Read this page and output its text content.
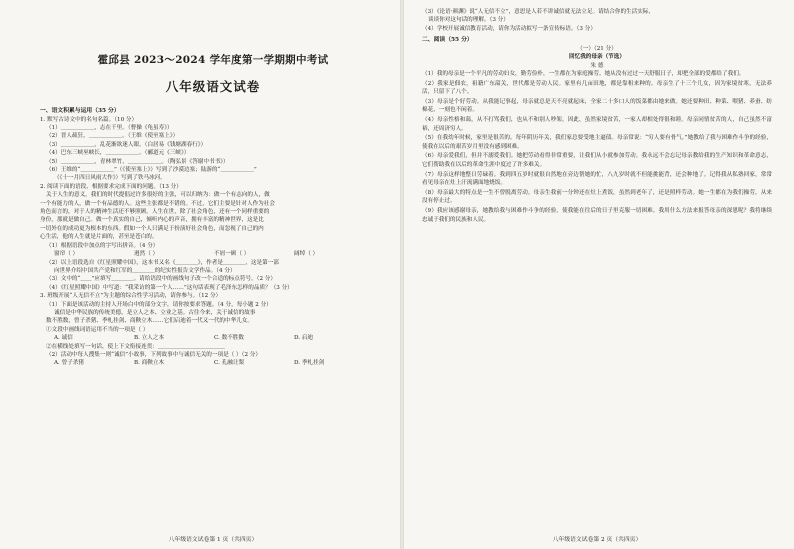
霍邱县 2023～2024 学年度第一学期期中考试
八年级语文试卷

一、语文积累与运用（35 分）

1. 默写古诗文中的名句名篇。（10 分）

（1）＿＿＿＿＿＿，志在千里。（曹操《龟虽寿》）

（2）晋人疏狂，＿＿＿＿＿＿。（王维《使至塞上》）

（3）＿＿＿＿＿＿，乱花渐欲迷人眼。（白居易《钱塘湖春行》）

（4）巴东三峡巫峡长，＿＿＿＿＿＿。（郦道元《三峡》）

（5）＿＿＿＿＿＿，青林翠竹，＿＿＿＿＿＿。（陶弘景《答谢中书书》）

（6）王维的“＿＿＿＿＿＿”（《使至塞上》）写到了沙漠边塞；陆游的“＿＿＿＿＿＿”

（《十一月四日风雨大作》）写到了铁马冰河。

2. 阅读下面的语段，根据要求完成下面的问题。（13 分）

关于人生的意义，我们的时代提倡过许多很好的主张，可以归纳为：做一个有志向的人，做

一个有能力的人，做一个有品德的人。这些主张都是不错的。不过，它们主要是针对人作为社会

角色而言的，对于人的精神生活还不够照顾。人生在世，除了社会角色，还有一个同样重要的

身份，那就是做自己。做一个真实的自己，倾听内心的声音，拥有丰富的精神世界，这是比

一切外在的成功更为根本的东西。假如一个人只满足于扮演好社会角色，而忽视了自己的内

心生活，他的人生就是片面的，甚至是苍白的。

（1）根据语段中加点的字写出拼音。（4 分）

窗帘（ ）	迥然（ ）	不屑一顾（ ）	阔绰（ ）

（2）以上语段选自《红星照耀中国》，这本书又名《＿＿＿＿》，作者是＿＿＿＿，这是第一部

向世界介绍中国共产党和红军的＿＿＿＿的纪实性报告文学作品。（4 分）

（3）文中的“＿＿”应填写＿＿＿＿。请给语段中的画线句子改一个合适的标点符号。（2 分）

（4）《红星照耀中国》中写道：“我采访的第一个人……”这句话表现了毛泽东怎样的品质？（3 分）

3. 班级开展“人无信不立”为主题的综合性学习活动，请你参与。（12 分）

（1）下面是该活动的主持人开场白中的部分文字，请你按要求答题。（4 分，每小题 2 分）

诚信是中华民族的传统美德，是立人之本、立业之基。古往今来，关于诚信的故事

数不胜数，曾子杀猪、季札挂剑、商鞅立木……它们启迪着一代又一代的中华儿女。

①文段中画线词语运用不当的一项是（ ）

A. 诚信	B. 立人之本	C. 数不胜数	D. 启迪

②在横线处填写一句话，使上下文衔接连贯：＿＿＿＿＿＿＿＿＿＿＿＿

（2）活动中每人搜集一则“诚信”小故事，下列故事中与诚信无关的一项是（ ）（2 分）

A. 曾子杀猪	B. 商鞅立木	C. 孔融让梨	D. 季札挂剑
八年级语文试卷第 1 页（共四页）

（3）《论语·颜渊》说“人无信不立”，意思是人若不讲诚信就无法立足。请结合你的生活实际，

谈谈你对这句话的理解。（3 分）

（4）学校开展诚信教育活动，请你为活动拟写一条宣传标语。（3 分）

二、阅读（55 分）

（一）（21 分）

回忆我的母亲（节选）

朱 德

（1）我的母亲是一个平凡的劳动妇女，勤劳俭朴，一生都在为家庭操劳。她从没有过过一天舒服日子，却把全部的爱都给了我们。

（2）我家是佃农，祖籍广东韶关，世代都是劳动人民。家里有几亩田地，都是靠租来种的。母亲生了十三个儿女，因为家境贫寒，无法养活，只留下了八个。

（3）母亲是个好劳动。从我能记事起，母亲就总是天不亮就起床，全家二十多口人的饭菜都由她来做。她还要种田、种菜、喂猪、养蚕、纺棉花，一刻也不闲着。

（4）母亲性格和蔼，从不打骂我们，也从不和别人吵架。因此，虽然家境贫苦，一家人却相处得很和睦。母亲同情贫苦的人，自己虽然不富裕，还周济穷人。

（5）在我幼年时候，家里是很苦的。每年阴历年关，我们家总要受地主逼债。母亲常说：“穷人要有骨气。”她教给了我与困难作斗争的经验，使我在以后的艰苦岁月里没有感到困难。

（6）母亲爱我们，但并不溺爱我们。她把劳动看得非常重要，让我们从小就参加劳动。我永远不会忘记母亲教给我的生产知识和革命意志，它们帮助我在以后的革命生涯中度过了许多难关。

（7）母亲这样地整日劳碌着。我到四五岁时就很自然地在旁边帮她的忙，八九岁时就不但能挑能背，还会种地了。记得我从私塾回家，常常看见母亲在灶上汗流满面地烧饭。

（8）母亲最大的特点是一生不曾脱离劳动。母亲生我前一分钟还在灶上煮饭，虽然到老年了，还是照样劳动。她一生都在为我们操劳，从来没有停止过。

（9）我应该感谢母亲，她教给我与困难作斗争的经验，使我能在往后的日子里克服一切困难。我用什么方法来报答母亲的深恩呢？我将继续忠诚于我们的民族和人民。

八年级语文试卷第 2 页（共四页）
